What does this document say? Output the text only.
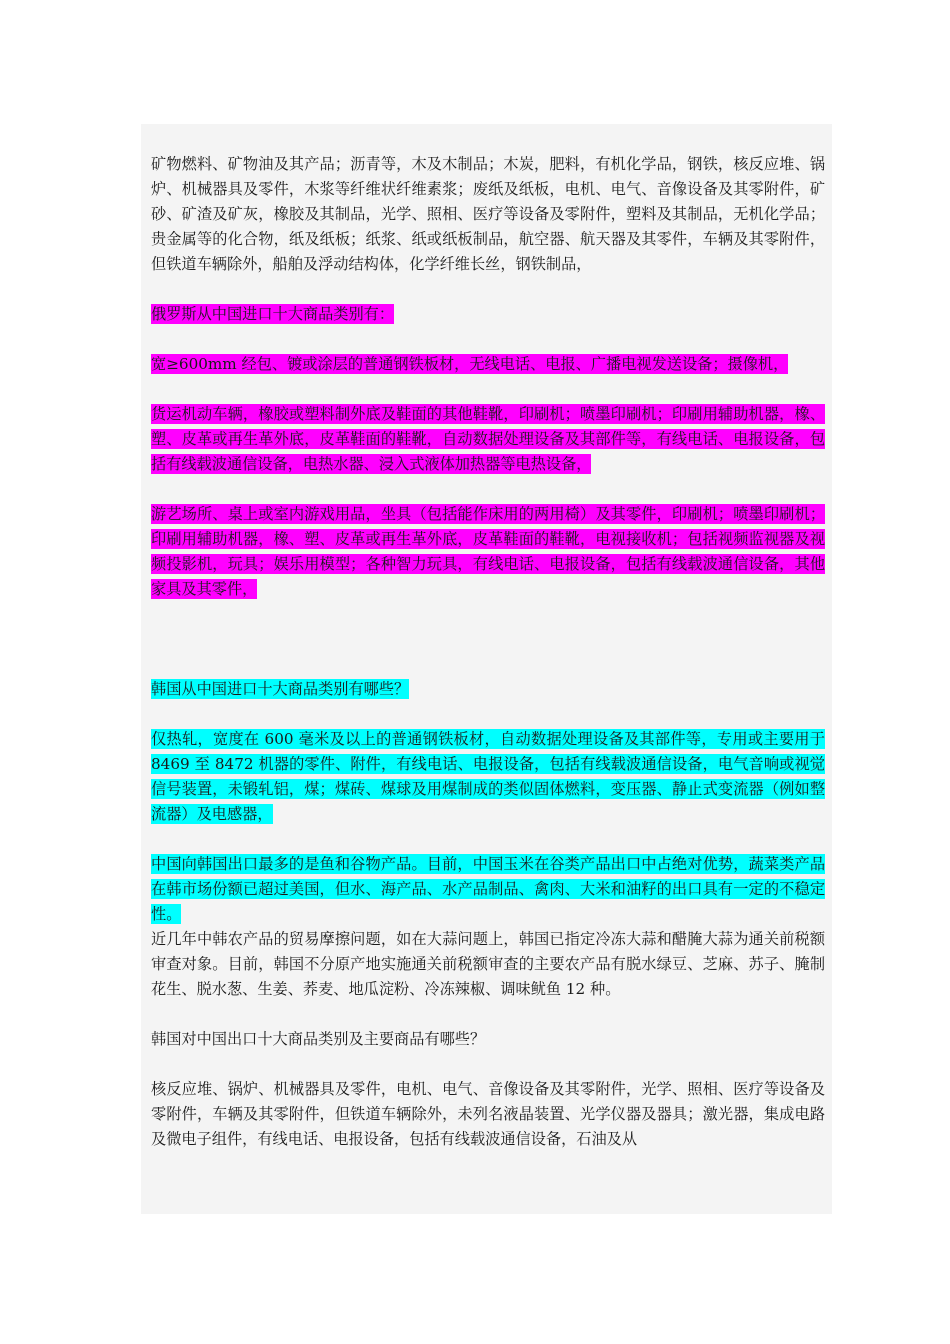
矿物燃料、矿物油及其产品；沥青等，木及木制品；木炭，肥料，有机化学品，钢铁，核反应堆、锅炉、机械器具及零件，木浆等纤维状纤维素浆；废纸及纸板，电机、电气、音像设备及其零附件，矿砂、矿渣及矿灰，橡胶及其制品，光学、照相、医疗等设备及零附件，塑料及其制品，无机化学品；贵金属等的化合物，纸及纸板；纸浆、纸或纸板制品，航空器、航天器及其零件，车辆及其零附件，但铁道车辆除外，船舶及浮动结构体，化学纤维长丝，钢铁制品，

俄罗斯从中国进口十大商品类别有：

宽≥600mm 经包、镀或涂层的普通钢铁板材，无线电话、电报、广播电视发送设备；摄像机，

货运机动车辆，橡胶或塑料制外底及鞋面的其他鞋靴，印刷机；喷墨印刷机；印刷用辅助机器，橡、塑、皮革或再生革外底，皮革鞋面的鞋靴，自动数据处理设备及其部件等，有线电话、电报设备，包括有线载波通信设备，电热水器、浸入式液体加热器等电热设备，

游艺场所、桌上或室内游戏用品，坐具（包括能作床用的两用椅）及其零件，印刷机；喷墨印刷机；印刷用辅助机器，橡、塑、皮革或再生革外底，皮革鞋面的鞋靴，电视接收机；包括视频监视器及视频投影机，玩具；娱乐用模型；各种智力玩具，有线电话、电报设备，包括有线载波通信设备，其他家具及其零件，

韩国从中国进口十大商品类别有哪些？

仅热轧，宽度在 600 毫米及以上的普通钢铁板材，自动数据处理设备及其部件等，专用或主要用于 8469 至 8472 机器的零件、附件，有线电话、电报设备，包括有线载波通信设备，电气音响或视觉信号装置，未锻轧铝，煤；煤砖、煤球及用煤制成的类似固体燃料，变压器、静止式变流器（例如整流器）及电感器，

中国向韩国出口最多的是鱼和谷物产品。目前，中国玉米在谷类产品出口中占绝对优势，蔬菜类产品在韩市场份额已超过美国，但水、海产品、水产品制品、禽肉、大米和油籽的出口具有一定的不稳定性。

近几年中韩农产品的贸易摩擦问题，如在大蒜问题上，韩国已指定冷冻大蒜和醋腌大蒜为通关前税额审查对象。目前，韩国不分原产地实施通关前税额审查的主要农产品有脱水绿豆、芝麻、苏子、腌制花生、脱水葱、生姜、荞麦、地瓜淀粉、冷冻辣椒、调味鱿鱼 12 种。

韩国对中国出口十大商品类别及主要商品有哪些？

核反应堆、锅炉、机械器具及零件，电机、电气、音像设备及其零附件，光学、照相、医疗等设备及零附件，车辆及其零附件，但铁道车辆除外，未列名液晶装置、光学仪器及器具；激光器，集成电路及微电子组件，有线电话、电报设备，包括有线载波通信设备，石油及从
